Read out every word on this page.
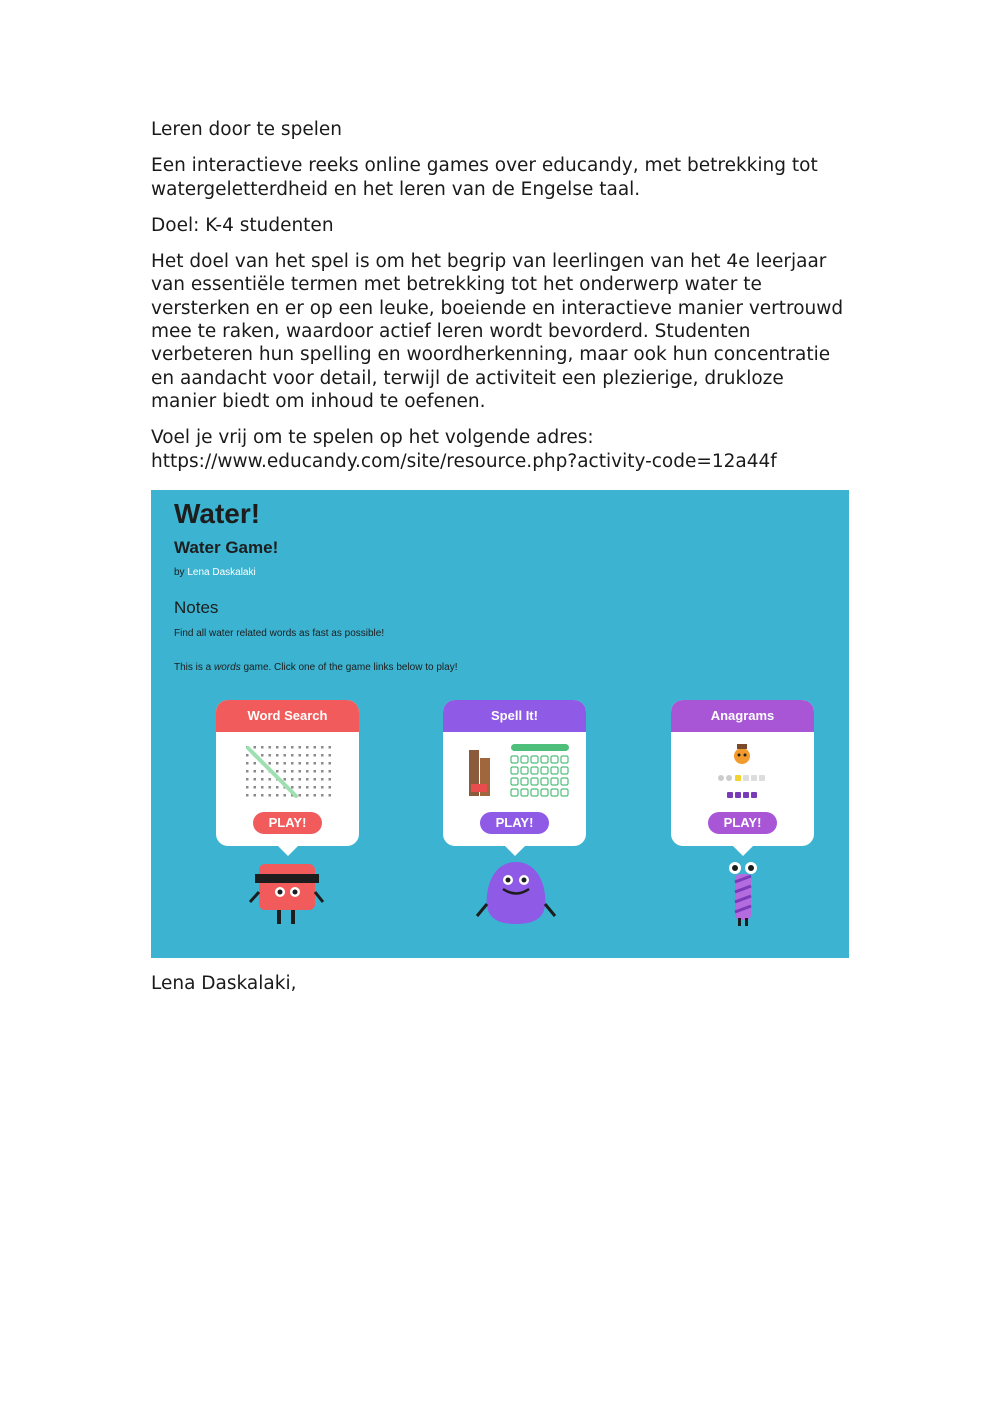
Leren door te spelen

Een interactieve reeks online games over educandy, met betrekking tot watergeletterdheid en het leren van de Engelse taal.

Doel: K-4 studenten

Het doel van het spel is om het begrip van leerlingen van het 4e leerjaar van essentiële termen met betrekking tot het onderwerp water te versterken en er op een leuke, boeiende en interactieve manier vertrouwd mee te raken, waardoor actief leren wordt bevorderd. Studenten verbeteren hun spelling en woordherkenning, maar ook hun concentratie en aandacht voor detail, terwijl de activiteit een plezierige, drukloze manier biedt om inhoud te oefenen.

Voel je vrij om te spelen op het volgende adres:
https://www.educandy.com/site/resource.php?activity-code=12a44f

Water!
Water Game!
by Lena Daskalaki
Notes
Find all water related words as fast as possible!
This is a words game. Click one of the game links below to play!
Word Search
PLAY!
Spell It!
PLAY!
Anagrams
PLAY!
Lena Daskalaki,
